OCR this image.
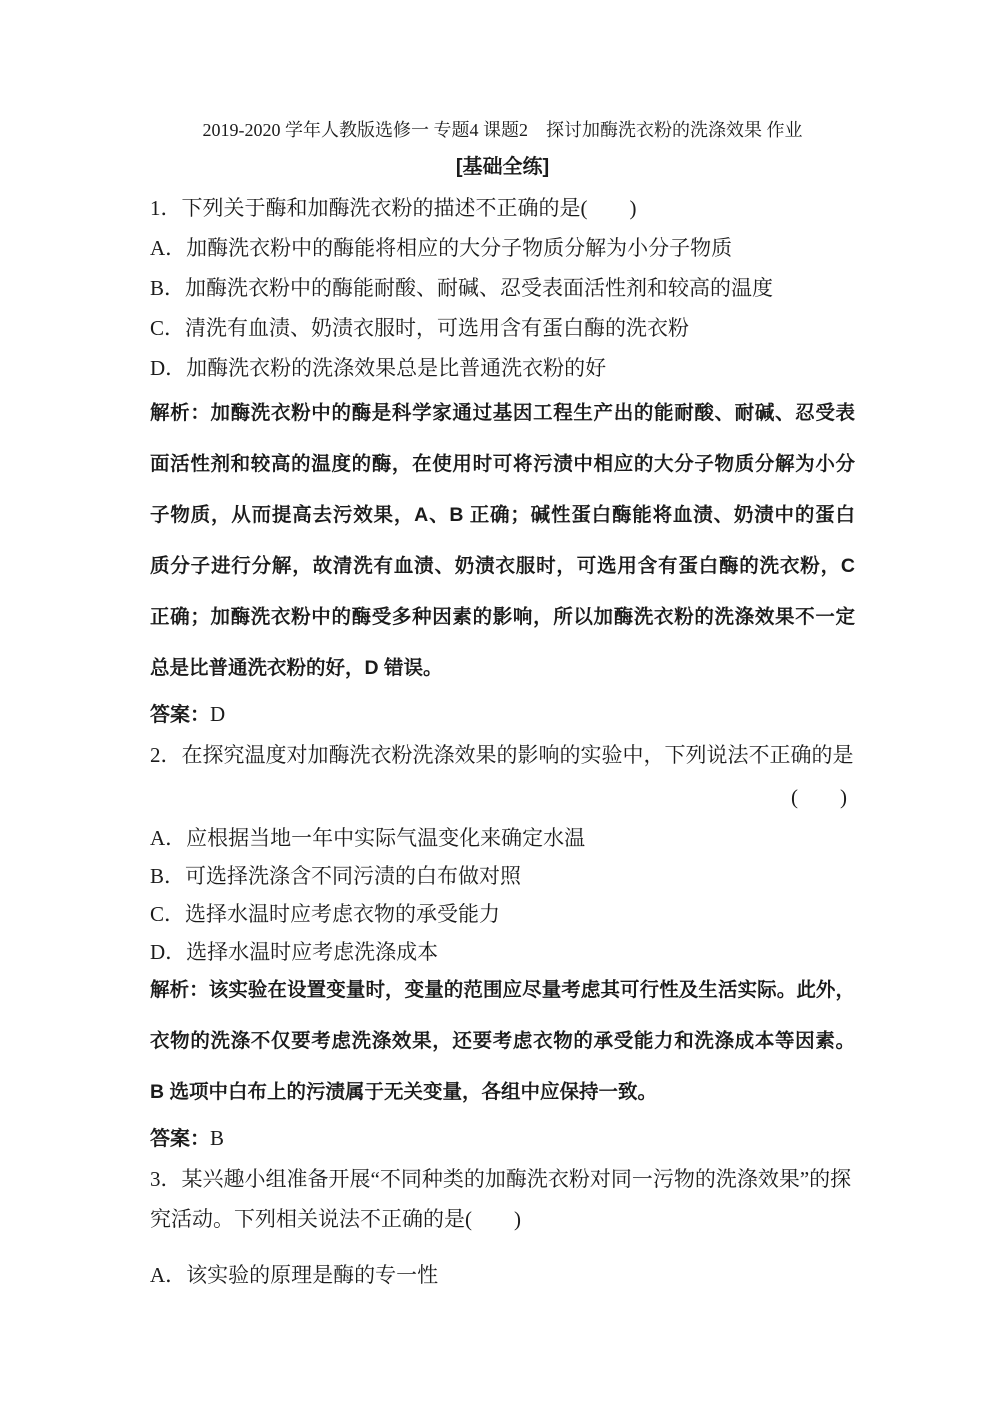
2019-2020 学年人教版选修一 专题4 课题2　探讨加酶洗衣粉的洗涤效果 作业
[基础全练]
1．下列关于酶和加酶洗衣粉的描述不正确的是(　　)
A．加酶洗衣粉中的酶能将相应的大分子物质分解为小分子物质
B．加酶洗衣粉中的酶能耐酸、耐碱、忍受表面活性剂和较高的温度
C．清洗有血渍、奶渍衣服时，可选用含有蛋白酶的洗衣粉
D．加酶洗衣粉的洗涤效果总是比普通洗衣粉的好
解析：加酶洗衣粉中的酶是科学家通过基因工程生产出的能耐酸、耐碱、忍受表
面活性剂和较高的温度的酶，在使用时可将污渍中相应的大分子物质分解为小分
子物质，从而提高去污效果，A、B 正确；碱性蛋白酶能将血渍、奶渍中的蛋白
质分子进行分解，故清洗有血渍、奶渍衣服时，可选用含有蛋白酶的洗衣粉，C
正确；加酶洗衣粉中的酶受多种因素的影响，所以加酶洗衣粉的洗涤效果不一定
总是比普通洗衣粉的好，D 错误。
答案：D
2．在探究温度对加酶洗衣粉洗涤效果的影响的实验中，下列说法不正确的是
(　　)
A．应根据当地一年中实际气温变化来确定水温
B．可选择洗涤含不同污渍的白布做对照
C．选择水温时应考虑衣物的承受能力
D．选择水温时应考虑洗涤成本
解析：该实验在设置变量时，变量的范围应尽量考虑其可行性及生活实际。此外，
衣物的洗涤不仅要考虑洗涤效果，还要考虑衣物的承受能力和洗涤成本等因素。
B 选项中白布上的污渍属于无关变量，各组中应保持一致。
答案：B
3．某兴趣小组准备开展“不同种类的加酶洗衣粉对同一污物的洗涤效果”的探
究活动。下列相关说法不正确的是(　　)
A．该实验的原理是酶的专一性
